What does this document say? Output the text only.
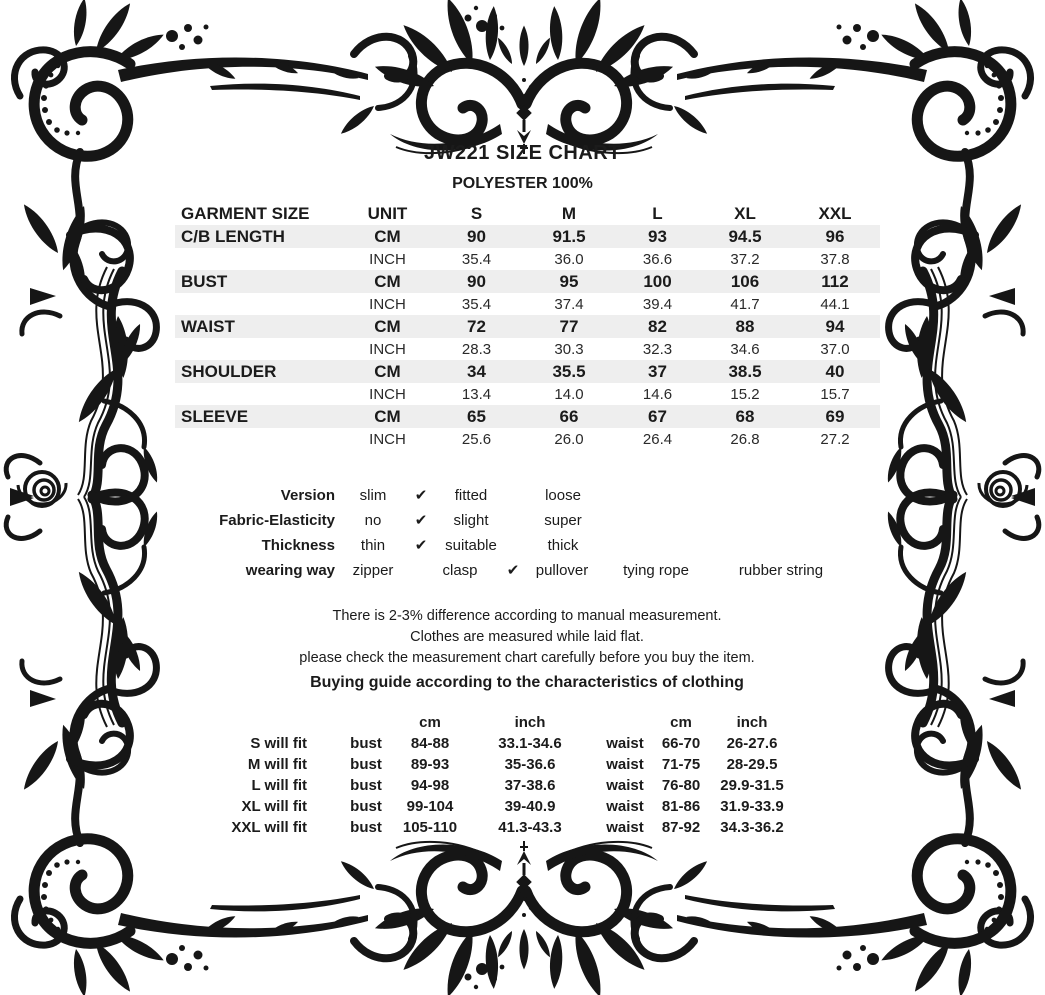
JW221 SIZE CHART
POLYESTER 100%
GARMENT SIZE	UNIT	S	M	L	XL	XXL
C/B LENGTH	CM	90	91.5	93	94.5	96
	INCH	35.4	36.0	36.6	37.2	37.8
BUST	CM	90	95	100	106	112
	INCH	35.4	37.4	39.4	41.7	44.1
WAIST	CM	72	77	82	88	94
	INCH	28.3	30.3	32.3	34.6	37.0
SHOULDER	CM	34	35.5	37	38.5	40
	INCH	13.4	14.0	14.6	15.2	15.7
SLEEVE	CM	65	66	67	68	69
	INCH	25.6	26.0	26.4	26.8	27.2
Version	slim	✔	fitted	loose
Fabric-Elasticity	no	✔	slight	super
Thickness	thin	✔	suitable	thick
wearing way	zipper	clasp	✔	pullover	tying rope	rubber string
There is 2-3% difference according to manual measurement.
Clothes are measured while laid flat.
please check the measurement chart carefully before you buy the item.
Buying guide according to the characteristics of clothing
cm	inch	cm	inch
S will fit	bust	84-88	33.1-34.6	waist	66-70	26-27.6
M will fit	bust	89-93	35-36.6	waist	71-75	28-29.5
L will fit	bust	94-98	37-38.6	waist	76-80	29.9-31.5
XL will fit	bust	99-104	39-40.9	waist	81-86	31.9-33.9
XXL will fit	bust	105-110	41.3-43.3	waist	87-92	34.3-36.2
